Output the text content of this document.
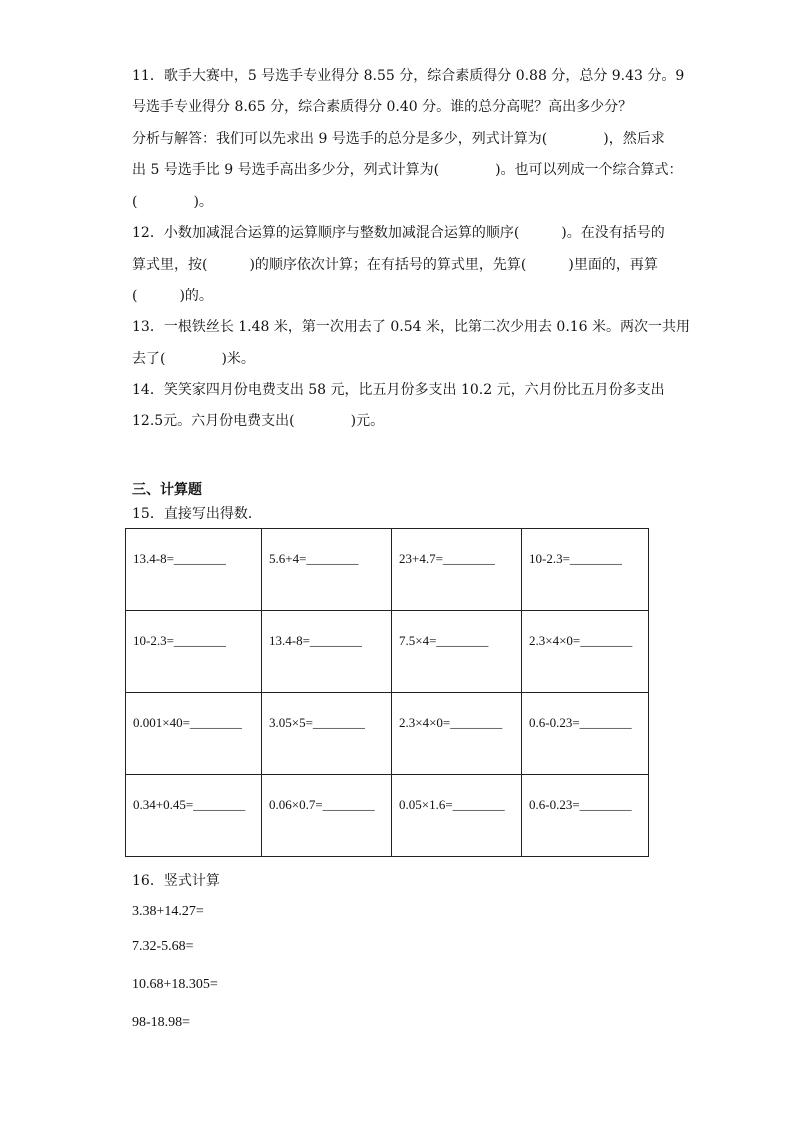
11．歌手大赛中，5 号选手专业得分 8.55 分，综合素质得分 0.88 分，总分 9.43 分。9
号选手专业得分 8.65 分，综合素质得分 0.40 分。谁的总分高呢？高出多少分？
分析与解答：我们可以先求出 9 号选手的总分是多少，列式计算为(　　　　)，然后求
出 5 号选手比 9 号选手高出多少分，列式计算为(　　　　)。也可以列成一个综合算式：
(　　　　)。
12．小数加减混合运算的运算顺序与整数加减混合运算的顺序(　　　)。在没有括号的
算式里，按(　　　)的顺序依次计算；在有括号的算式里，先算(　　　)里面的，再算
(　　　)的。
13．一根铁丝长 1.48 米，第一次用去了 0.54 米，比第二次少用去 0.16 米。两次一共用
去了(　　　　)米。
14．笑笑家四月份电费支出 58 元，比五月份多支出 10.2 元，六月份比五月份多支出
12.5元。六月份电费支出(　　　　)元。
三、计算题
15．直接写出得数．
13.4-8=________	5.6+4=________	23+4.7=________	10-2.3=________
10-2.3=________	13.4-8=________	7.5×4=________	2.3×4×0=________
0.001×40=________	3.05×5=________	2.3×4×0=________	0.6-0.23=________
0.34+0.45=________	0.06×0.7=________	0.05×1.6=________	0.6-0.23=________
16．竖式计算
3.38+14.27=
7.32-5.68=
10.68+18.305=
98-18.98=
